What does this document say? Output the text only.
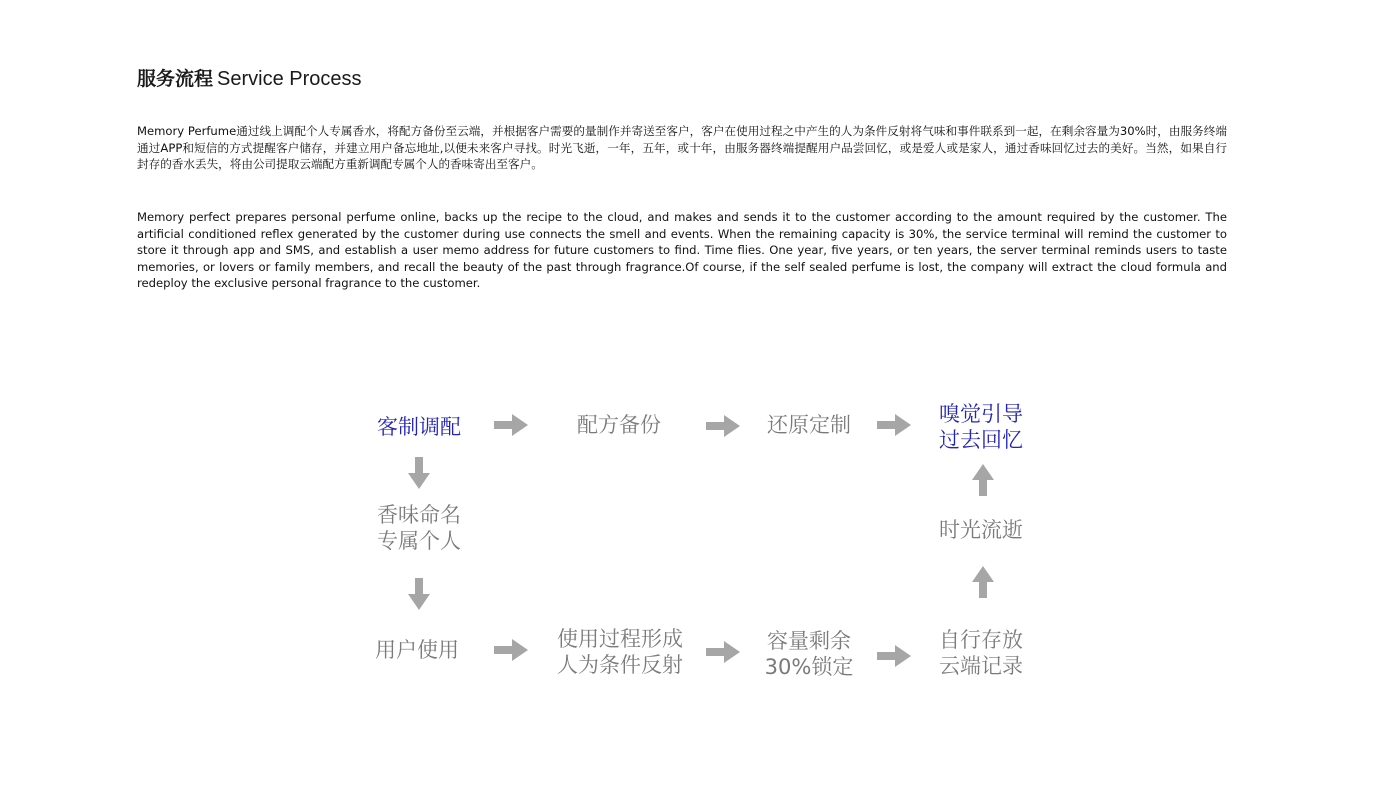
服务流程 Service Process
Memory Perfume通过线上调配个人专属香水，将配方备份至云端，并根据客户需要的量制作并寄送至客户，客户在使用过程之中产生的人为条件反射将气味和事件联系到一起，在剩余容量为30%时，由服务终端通过APP和短信的方式提醒客户储存，并建立用户备忘地址,以便未来客户寻找。时光飞逝，一年，五年，或十年，由服务器终端提醒用户品尝回忆，或是爱人或是家人，通过香味回忆过去的美好。当然，如果自行封存的香水丢失，将由公司提取云端配方重新调配专属个人的香味寄出至客户。
Memory perfect prepares personal perfume online, backs up the recipe to the cloud, and makes and sends it to the customer according to the amount required by the customer. The artificial conditioned reflex generated by the customer during use connects the smell and events. When the remaining capacity is 30%, the service terminal will remind the customer to store it through app and SMS, and establish a user memo address for future customers to find. Time flies. One year, five years, or ten years, the server terminal reminds users to taste memories, or lovers or family members, and recall the beauty of the past through fragrance.Of course, if the self sealed perfume is lost, the company will extract the cloud formula and redeploy the exclusive personal fragrance to the customer.
客制调配	配方备份	还原定制	嗅觉引导
过去回忆
香味命名
专属个人	时光流逝
用户使用	使用过程形成
人为条件反射
容量剩余
30%锁定
自行存放
云端记录
